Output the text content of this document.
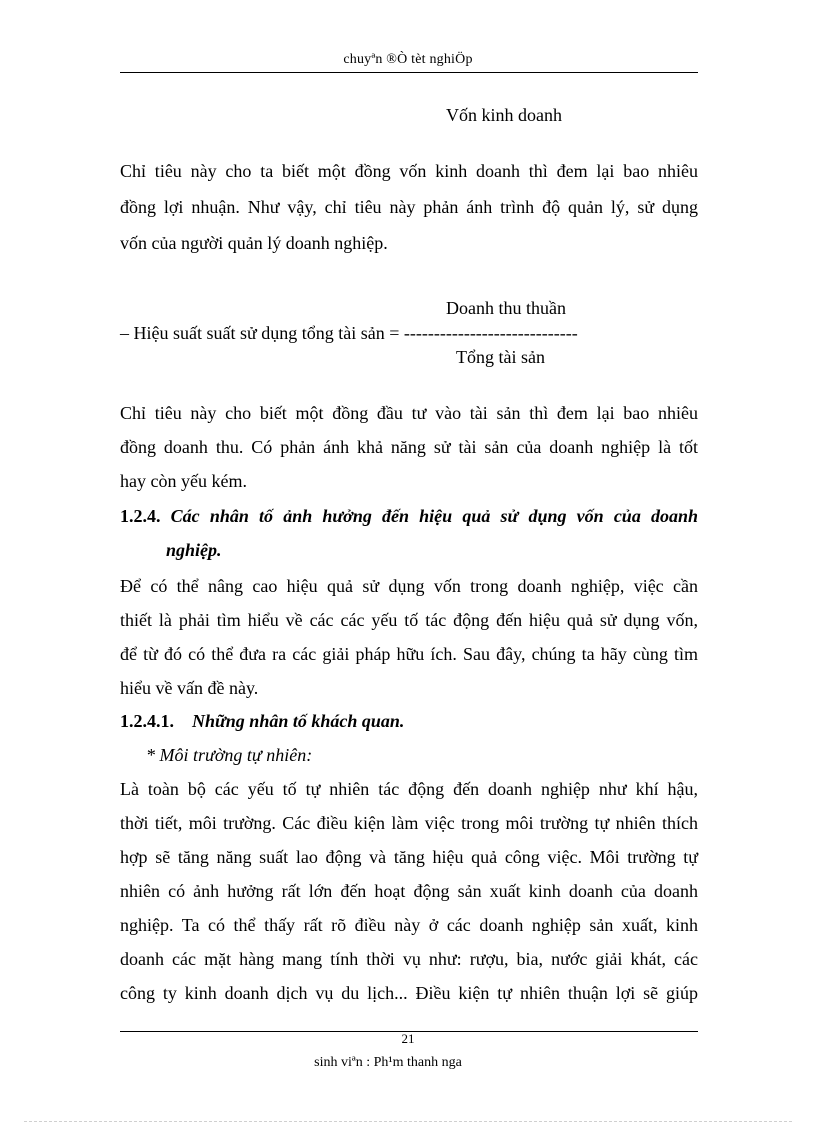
chuyªn ®Ò tèt nghiÖp
Vốn kinh doanh
Chỉ tiêu này cho ta biết một đồng vốn kinh doanh thì đem lại bao nhiêu
đồng lợi nhuận. Như vậy, chỉ tiêu này phản ánh trình độ quản lý, sử dụng
vốn của người quản lý doanh nghiệp.
Doanh thu thuần
– Hiệu suất suất sử dụng tổng tài sản = -----------------------------
Tổng tài sản
Chỉ tiêu này cho biết một đồng đầu tư vào tài sản thì đem lại bao nhiêu
đồng doanh thu. Có phản ánh khả năng sử tài sản của doanh nghiệp là tốt
hay còn yếu kém.
1.2.4. Các nhân tố ảnh hưởng đến hiệu quả sử dụng vốn của doanh
nghiệp.
Để có thể nâng cao hiệu quả sử dụng vốn trong doanh nghiệp, việc cần
thiết là phải tìm hiểu về các các yếu tố tác động đến hiệu quả sử dụng vốn,
để từ đó có thể đưa ra các giải pháp hữu ích. Sau đây, chúng ta hãy cùng tìm
hiểu về vấn đề này.
1.2.4.1. Những nhân tố khách quan.
* Môi trường tự nhiên:
Là toàn bộ các yếu tố tự nhiên tác động đến doanh nghiệp như khí hậu,
thời tiết, môi trường. Các điều kiện làm việc trong môi trường tự nhiên thích
hợp sẽ tăng năng suất lao động và tăng hiệu quả công việc. Môi trường tự
nhiên có ảnh hưởng rất lớn đến hoạt động sản xuất kinh doanh của doanh
nghiệp. Ta có thể thấy rất rõ điều này ở các doanh nghiệp sản xuất, kinh
doanh các mặt hàng mang tính thời vụ như: rượu, bia, nước giải khát, các
công ty kinh doanh dịch vụ du lịch... Điều kiện tự nhiên thuận lợi sẽ giúp
21
sinh viªn : Ph¹m thanh nga
